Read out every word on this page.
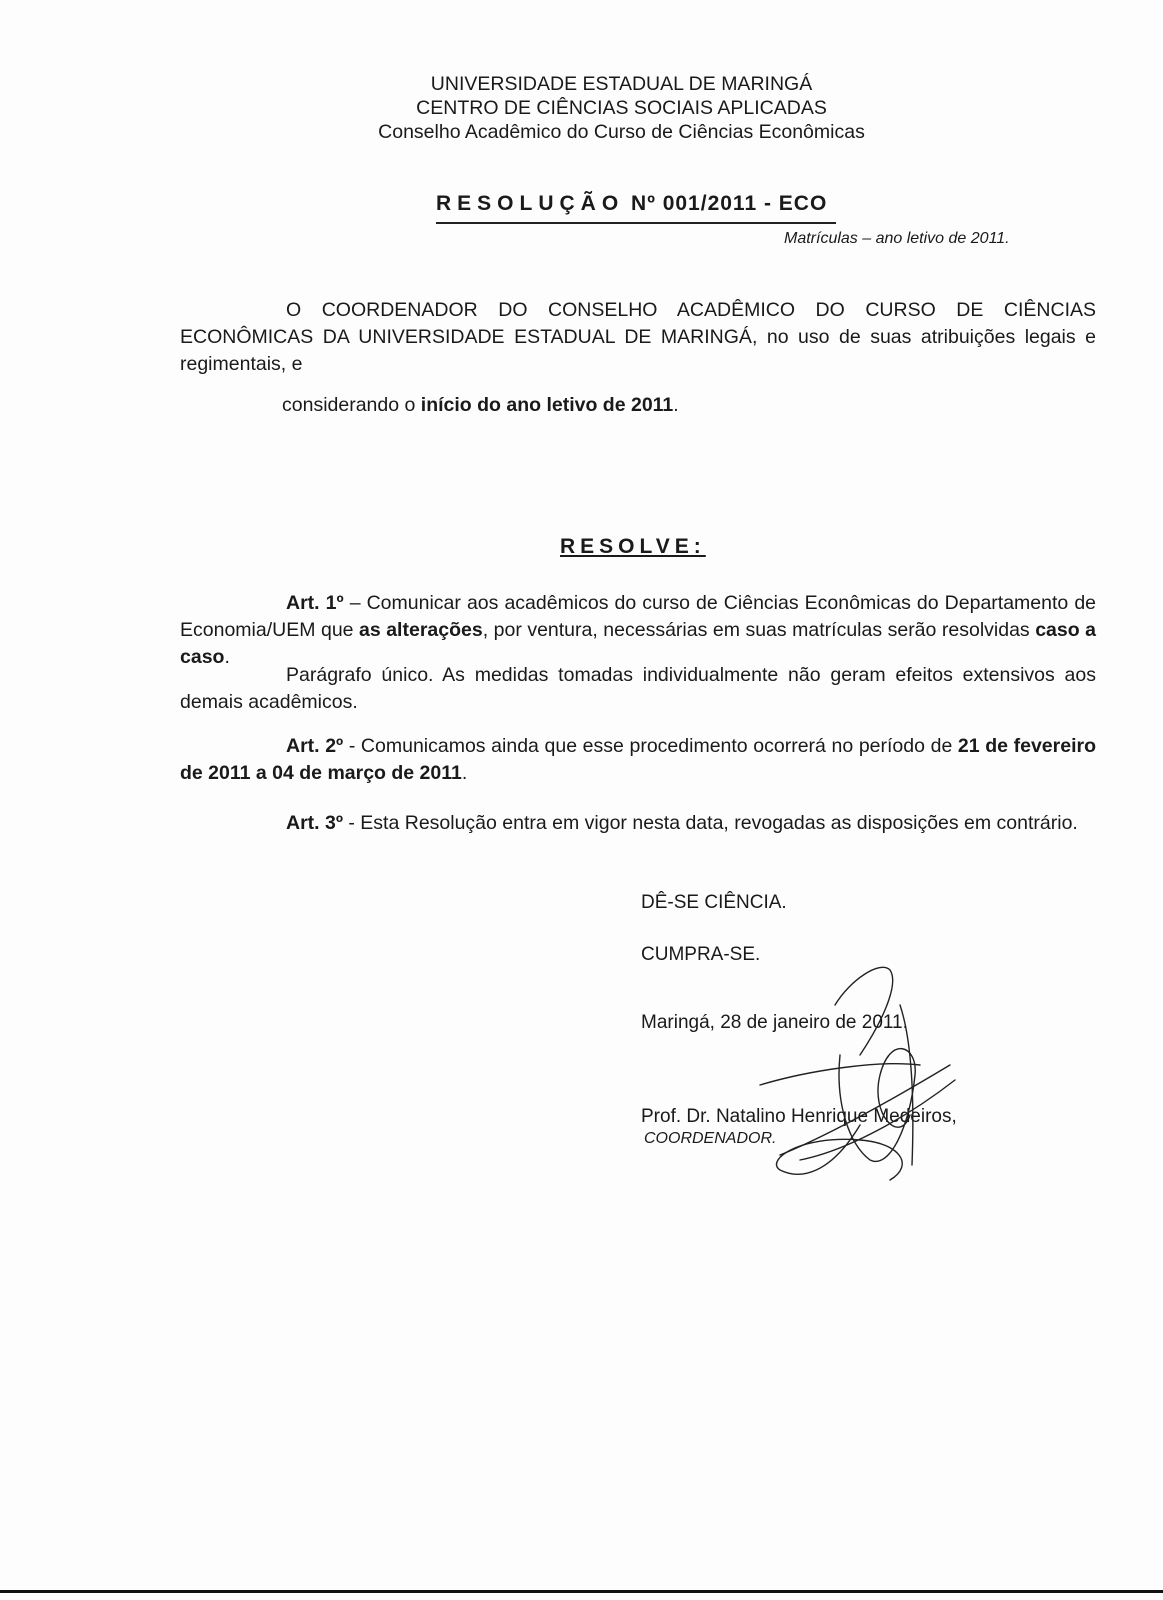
UNIVERSIDADE ESTADUAL DE MARINGÁ
CENTRO DE CIÊNCIAS SOCIAIS APLICADAS
Conselho Acadêmico do Curso de Ciências Econômicas
RESOLUÇÃO Nº 001/2011 - ECO
Matrículas – ano letivo de 2011.
O COORDENADOR DO CONSELHO ACADÊMICO DO CURSO DE CIÊNCIAS ECONÔMICAS DA UNIVERSIDADE ESTADUAL DE MARINGÁ, no uso de suas atribuições legais e regimentais, e
considerando o início do ano letivo de 2011.
RESOLVE:
Art. 1º – Comunicar aos acadêmicos do curso de Ciências Econômicas do Departamento de Economia/UEM que as alterações, por ventura, necessárias em suas matrículas serão resolvidas caso a caso.
Parágrafo único. As medidas tomadas individualmente não geram efeitos extensivos aos demais acadêmicos.
Art. 2º - Comunicamos ainda que esse procedimento ocorrerá no período de 21 de fevereiro de 2011 a 04 de março de 2011.
Art. 3º - Esta Resolução entra em vigor nesta data, revogadas as disposições em contrário.
DÊ-SE CIÊNCIA.
CUMPRA-SE.
Maringá, 28 de janeiro de 2011.
Prof. Dr. Natalino Henrique Medeiros,
COORDENADOR.
